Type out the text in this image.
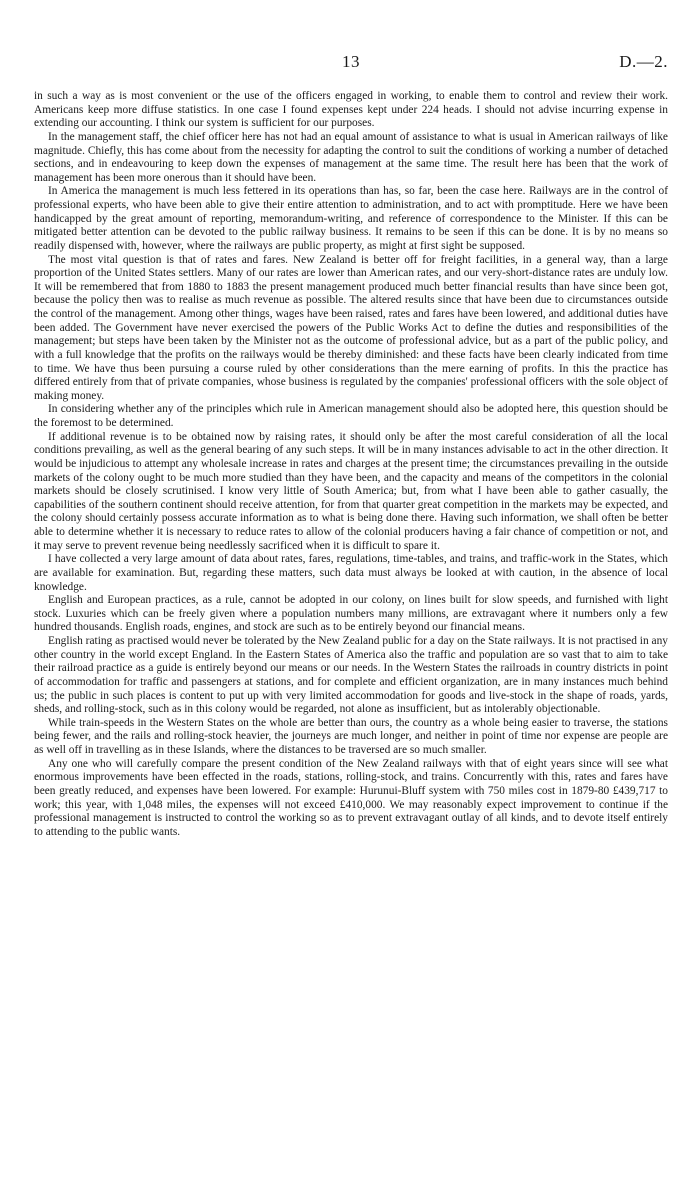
13	D.—2.

in such a way as is most convenient or the use of the officers engaged in working, to enable them to control and review their work. Americans keep more diffuse statistics. In one case I found expenses kept under 224 heads. I should not advise incurring expense in extending our accounting. I think our system is sufficient for our purposes.

In the management staff, the chief officer here has not had an equal amount of assistance to what is usual in American railways of like magnitude. Chiefly, this has come about from the necessity for adapting the control to suit the conditions of working a number of detached sections, and in endeavouring to keep down the expenses of management at the same time. The result here has been that the work of management has been more onerous than it should have been.

In America the management is much less fettered in its operations than has, so far, been the case here. Railways are in the control of professional experts, who have been able to give their entire attention to administration, and to act with promptitude. Here we have been handicapped by the great amount of reporting, memorandum-writing, and reference of correspondence to the Minister. If this can be mitigated better attention can be devoted to the public railway business. It remains to be seen if this can be done. It is by no means so readily dispensed with, however, where the railways are public property, as might at first sight be supposed.

The most vital question is that of rates and fares. New Zealand is better off for freight facilities, in a general way, than a large proportion of the United States settlers. Many of our rates are lower than American rates, and our very-short-distance rates are unduly low. It will be remembered that from 1880 to 1883 the present management produced much better financial results than have since been got, because the policy then was to realise as much revenue as possible. The altered results since that have been due to circumstances outside the control of the management. Among other things, wages have been raised, rates and fares have been lowered, and additional duties have been added. The Government have never exercised the powers of the Public Works Act to define the duties and responsibilities of the management; but steps have been taken by the Minister not as the outcome of professional advice, but as a part of the public policy, and with a full knowledge that the profits on the railways would be thereby diminished: and these facts have been clearly indicated from time to time. We have thus been pursuing a course ruled by other considerations than the mere earning of profits. In this the practice has differed entirely from that of private companies, whose business is regulated by the companies' professional officers with the sole object of making money.

In considering whether any of the principles which rule in American management should also be adopted here, this question should be the foremost to be determined.

If additional revenue is to be obtained now by raising rates, it should only be after the most careful consideration of all the local conditions prevailing, as well as the general bearing of any such steps. It will be in many instances advisable to act in the other direction. It would be injudicious to attempt any wholesale increase in rates and charges at the present time; the circumstances prevailing in the outside markets of the colony ought to be much more studied than they have been, and the capacity and means of the competitors in the colonial markets should be closely scrutinised. I know very little of South America; but, from what I have been able to gather casually, the capabilities of the southern continent should receive attention, for from that quarter great competition in the markets may be expected, and the colony should certainly possess accurate information as to what is being done there. Having such information, we shall often be better able to determine whether it is necessary to reduce rates to allow of the colonial producers having a fair chance of competition or not, and it may serve to prevent revenue being needlessly sacrificed when it is difficult to spare it.

I have collected a very large amount of data about rates, fares, regulations, time-tables, and trains, and traffic-work in the States, which are available for examination. But, regarding these matters, such data must always be looked at with caution, in the absence of local knowledge.

English and European practices, as a rule, cannot be adopted in our colony, on lines built for slow speeds, and furnished with light stock. Luxuries which can be freely given where a population numbers many millions, are extravagant where it numbers only a few hundred thousands. English roads, engines, and stock are such as to be entirely beyond our financial means.

English rating as practised would never be tolerated by the New Zealand public for a day on the State railways. It is not practised in any other country in the world except England. In the Eastern States of America also the traffic and population are so vast that to aim to take their railroad practice as a guide is entirely beyond our means or our needs. In the Western States the railroads in country districts in point of accommodation for traffic and passengers at stations, and for complete and efficient organization, are in many instances much behind us; the public in such places is content to put up with very limited accommodation for goods and live-stock in the shape of roads, yards, sheds, and rolling-stock, such as in this colony would be regarded, not alone as insufficient, but as intolerably objectionable.

While train-speeds in the Western States on the whole are better than ours, the country as a whole being easier to traverse, the stations being fewer, and the rails and rolling-stock heavier, the journeys are much longer, and neither in point of time nor expense are people are as well off in travelling as in these Islands, where the distances to be traversed are so much smaller.

Any one who will carefully compare the present condition of the New Zealand railways with that of eight years since will see what enormous improvements have been effected in the roads, stations, rolling-stock, and trains. Concurrently with this, rates and fares have been greatly reduced, and expenses have been lowered. For example: Hurunui-Bluff system with 750 miles cost in 1879-80 £439,717 to work; this year, with 1,048 miles, the expenses will not exceed £410,000. We may reasonably expect improvement to continue if the professional management is instructed to control the working so as to prevent extravagant outlay of all kinds, and to devote itself entirely to attending to the public wants.
